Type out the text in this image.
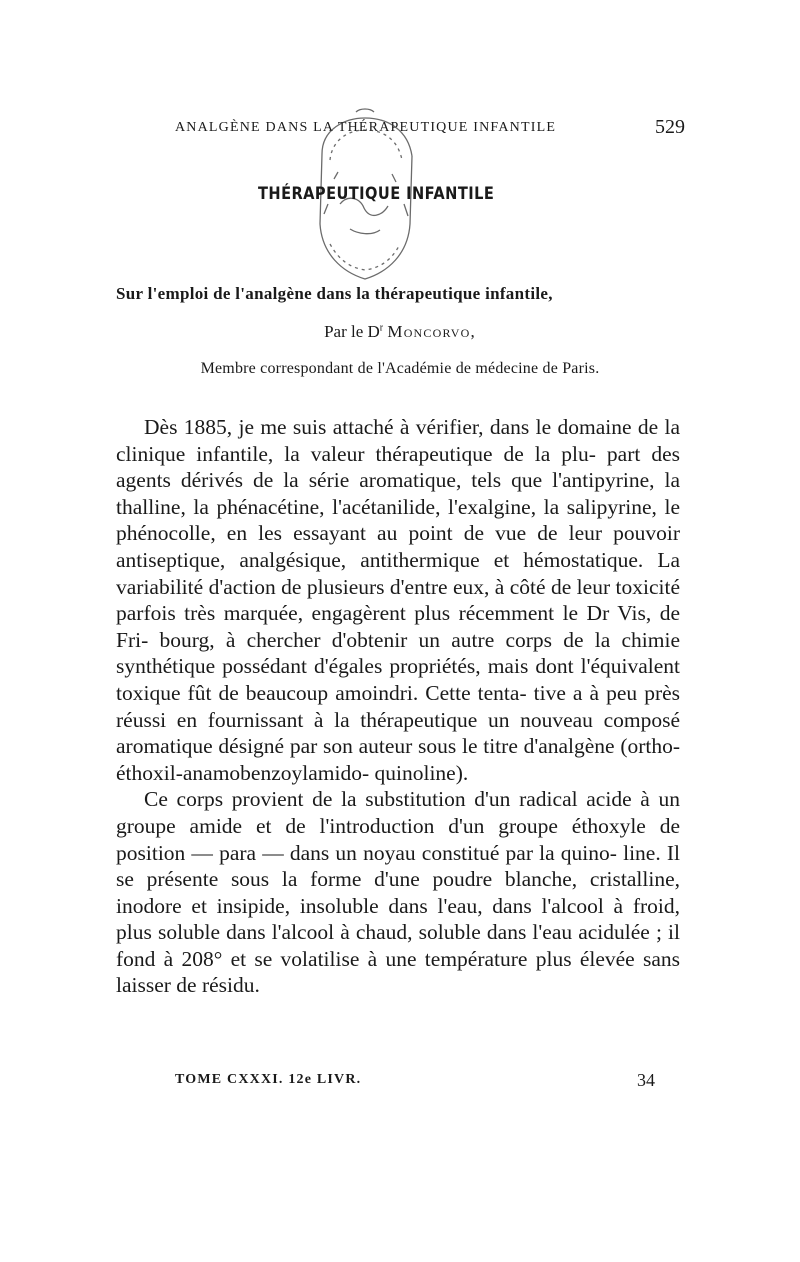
ANALGÈNE DANS LA THÉRAPEUTIQUE INFANTILE	529
THÉRAPEUTIQUE INFANTILE
Sur l'emploi de l'analgène dans la thérapeutique infantile,
Par le $D^r$ Moncorvo,
Membre correspondant de l'Académie de médecine de Paris.

Dès 1885, je me suis attaché à vérifier, dans le domaine de la clinique infantile, la valeur thérapeutique de la plu- part des agents dérivés de la série aromatique, tels que l'antipyrine, la thalline, la phénacétine, l'acétanilide, l'exalgine, la salipyrine, le phénocolle, en les essayant au point de vue de leur pouvoir antiseptique, analgésique, antithermique et hémostatique. La variabilité d'action de plusieurs d'entre eux, à côté de leur toxicité parfois très marquée, engagèrent plus récemment le Dr Vis, de Fri- bourg, à chercher d'obtenir un autre corps de la chimie synthétique possédant d'égales propriétés, mais dont l'équivalent toxique fût de beaucoup amoindri. Cette tenta- tive a à peu près réussi en fournissant à la thérapeutique un nouveau composé aromatique désigné par son auteur sous le titre d'analgène (ortho-éthoxil-anamobenzoylamido- quinoline).

Ce corps provient de la substitution d'un radical acide à un groupe amide et de l'introduction d'un groupe éthoxyle de position — para — dans un noyau constitué par la quino- line. Il se présente sous la forme d'une poudre blanche, cristalline, inodore et insipide, insoluble dans l'eau, dans l'alcool à froid, plus soluble dans l'alcool à chaud, soluble dans l'eau acidulée ; il fond à 208° et se volatilise à une température plus élevée sans laisser de résidu.

TOME CXXXI. 12e LIVR.	34
